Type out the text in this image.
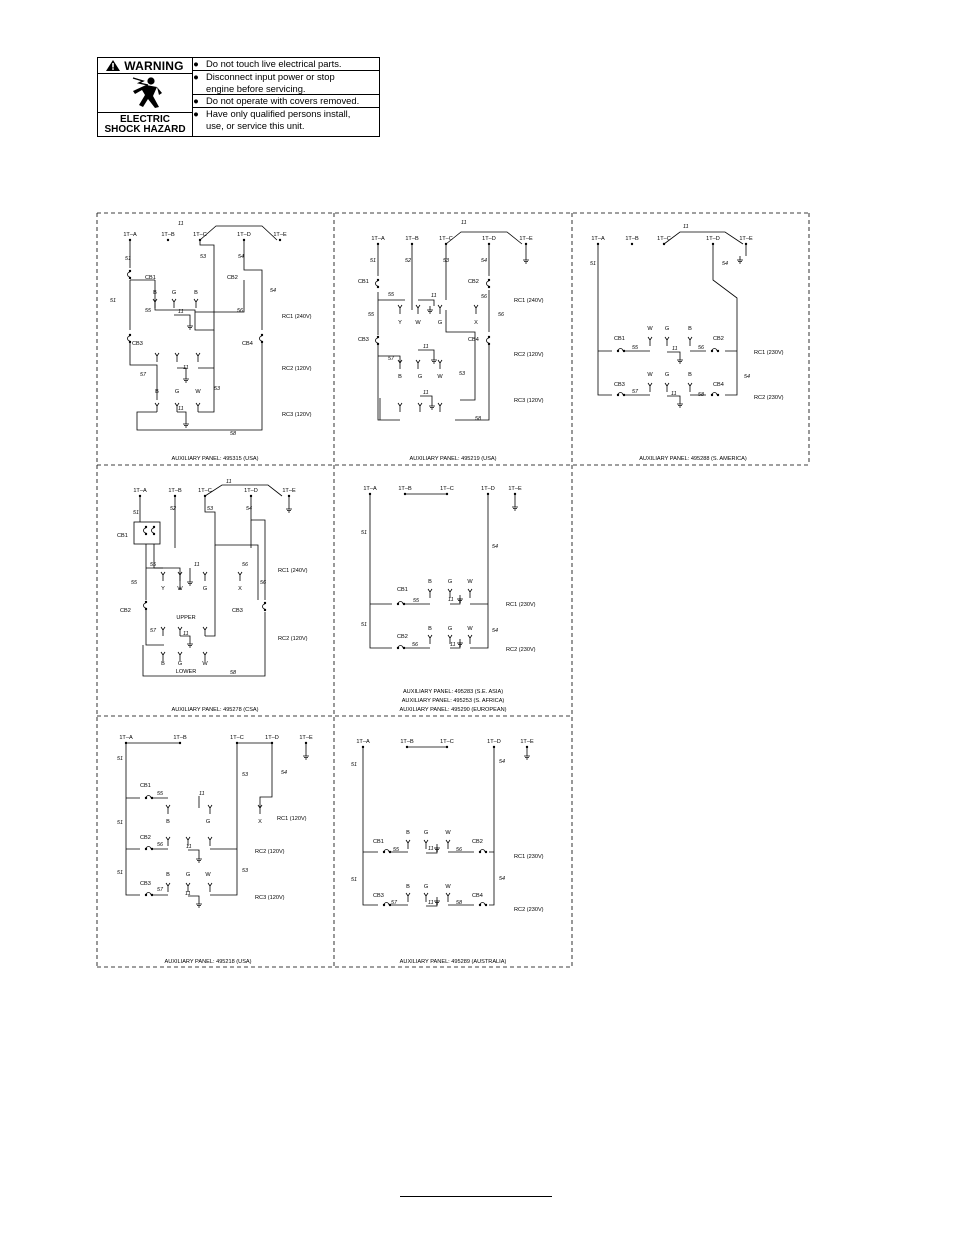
WARNING
ELECTRIC
SHOCK HAZARD
● Do not touch live electrical parts.
● Disconnect input power or stop
engine before servicing.
● Do not operate with covers removed.
● Have only qualified persons install,
use, or service this unit.
1T–A	1T–B	1T–C	1T–D	1T–E
CB1
CB3
CB2
CB4
B	G	B
B	G	W
51
51
53
53
54
54
55	56
57
58
11
11
11
11
RC1 (240V)
RC2 (120V)
RC3 (120V)
AUXILIARY PANEL: 495315 (USA)
1T–A	1T–B	1T–C	1T–D	1T–E
CB1
CB3
CB2
CB4
Y W	G	X
B	G	W
51	52	53
53
54
55
55
56
56
57
58
11
11
11
11
RC1 (240V)
RC2 (120V)
RC3 (120V)
AUXILIARY PANEL: 495219 (USA)
1T–A	1T–B	1T–C	1T–D	1T–E
CB1
CB3
CB2
CB4
W G	B
W G	B
51	54
54
55	56
57	58
11
11
11
RC1 (230V)
RC2 (230V)
AUXILIARY PANEL: 495288 (S. AMERICA)
1T–A	1T–B	1T–C	1T–D	1T–E
CB1
CB2	CB3
Y W	G	X
UPPER
B G	W
LOWER
51
52	53	54
55
55
56
56
57
58
11
11
11
RC1 (240V)
RC2 (120V)
AUXILIARY PANEL: 495278 (CSA)
1T–A	1T–B	1T–C	1T–D 1T–E
CB1
CB2
B	G	W
B	G	W
51
51
54
54
55
56
11
11
RC1 (230V)
RC2 (230V)
AUXILIARY PANEL: 495283 (S.E. ASIA)
AUXILIARY PANEL: 495253 (S. AFRICA)
AUXILIARY PANEL: 495290 (EUROPEAN)
1T–A	1T–B	1T–C	1T–D	1T–E
CB1
CB2
CB3
B	G	X
B	G	W
51
51
51
53
53
54
55
56
57
11
11
11
RC1 (120V)
RC2 (120V)
RC3 (120V)
AUXILIARY PANEL: 495218 (USA)
1T–A	1T–B	1T–C	1T–D	1T–E
CB1
CB3
CB2
CB4
B G	W
B G	W
51
51
54
54
55	56
57	58
11
11
RC1 (230V)
RC2 (230V)
AUXILIARY PANEL: 495289 (AUSTRALIA)
